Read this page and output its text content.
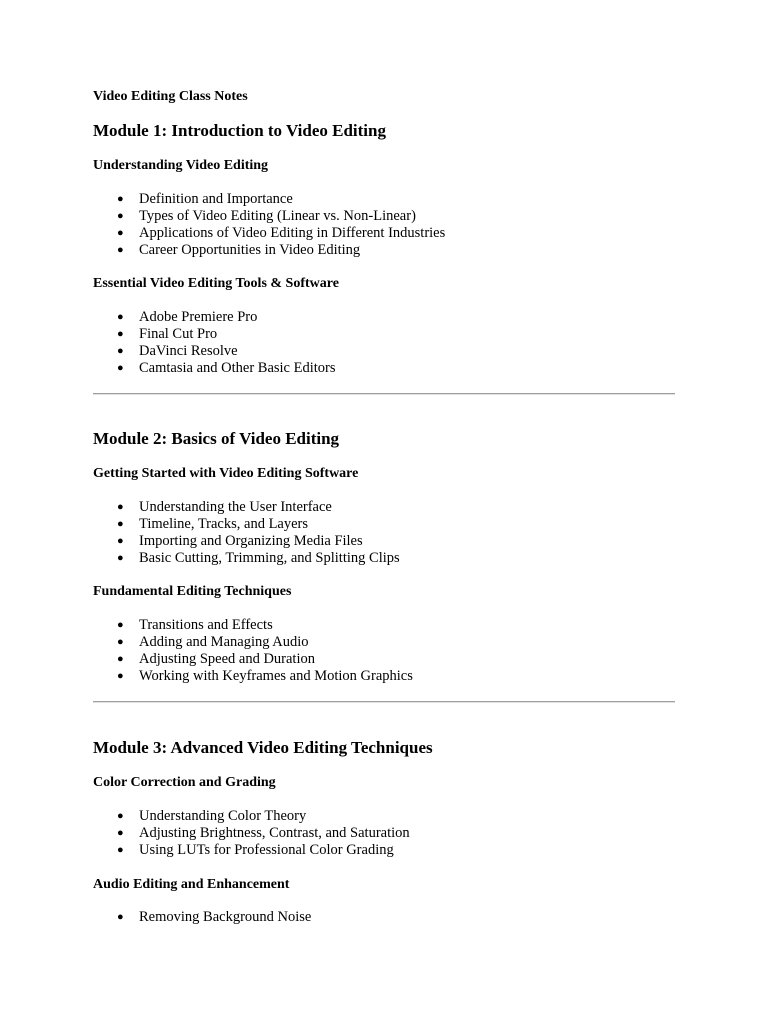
Video Editing Class Notes

Module 1: Introduction to Video Editing
Understanding Video Editing
● Definition and Importance
● Types of Video Editing (Linear vs. Non-Linear)
● Applications of Video Editing in Different Industries
● Career Opportunities in Video Editing
Essential Video Editing Tools & Software
● Adobe Premiere Pro
● Final Cut Pro
● DaVinci Resolve
● Camtasia and Other Basic Editors
Module 2: Basics of Video Editing
Getting Started with Video Editing Software
● Understanding the User Interface
● Timeline, Tracks, and Layers
● Importing and Organizing Media Files
● Basic Cutting, Trimming, and Splitting Clips
Fundamental Editing Techniques
● Transitions and Effects
● Adding and Managing Audio
● Adjusting Speed and Duration
● Working with Keyframes and Motion Graphics
Module 3: Advanced Video Editing Techniques
Color Correction and Grading
● Understanding Color Theory
● Adjusting Brightness, Contrast, and Saturation
● Using LUTs for Professional Color Grading
Audio Editing and Enhancement
● Removing Background Noise
